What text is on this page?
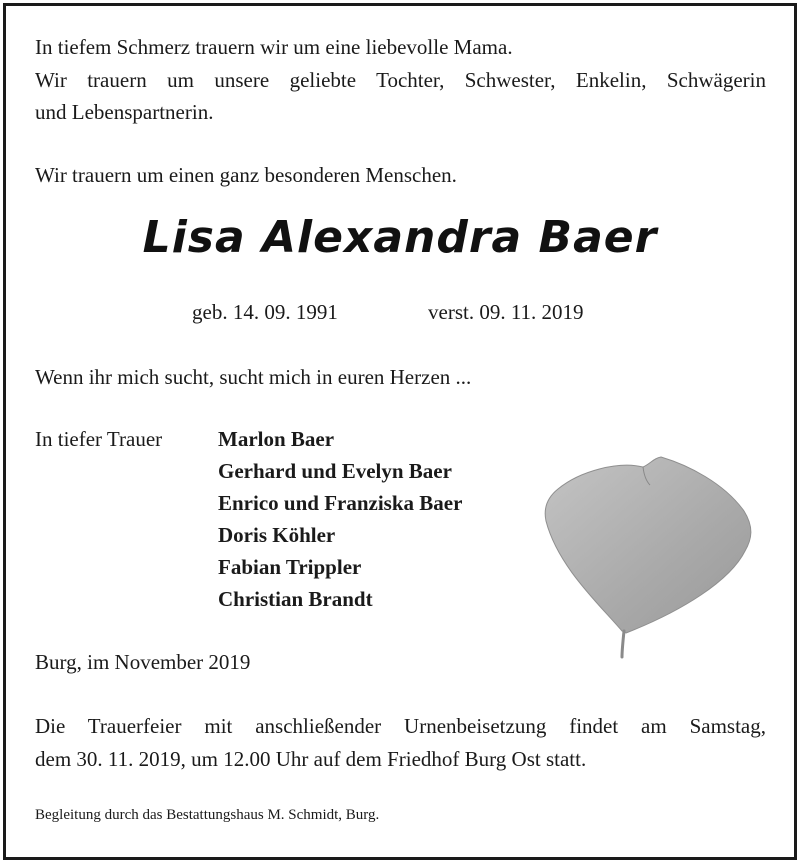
In tiefem Schmerz trauern wir um eine liebevolle Mama.
Wir trauern um unsere geliebte Tochter, Schwester, Enkelin, Schwägerin
und Lebenspartnerin.
Wir trauern um einen ganz besonderen Menschen.
Lisa Alexandra Baer
geb. 14. 09. 1991	verst. 09. 11. 2019
Wenn ihr mich sucht, sucht mich in euren Herzen ...
In tiefer Trauer	Marlon Baer
Gerhard und Evelyn Baer
Enrico und Franziska Baer
Doris Köhler
Fabian Trippler
Christian Brandt
Burg, im November 2019
Die Trauerfeier mit anschließender Urnenbeisetzung findet am Samstag,
dem 30. 11. 2019, um 12.00 Uhr auf dem Friedhof Burg Ost statt.
Begleitung durch das Bestattungshaus M. Schmidt, Burg.
